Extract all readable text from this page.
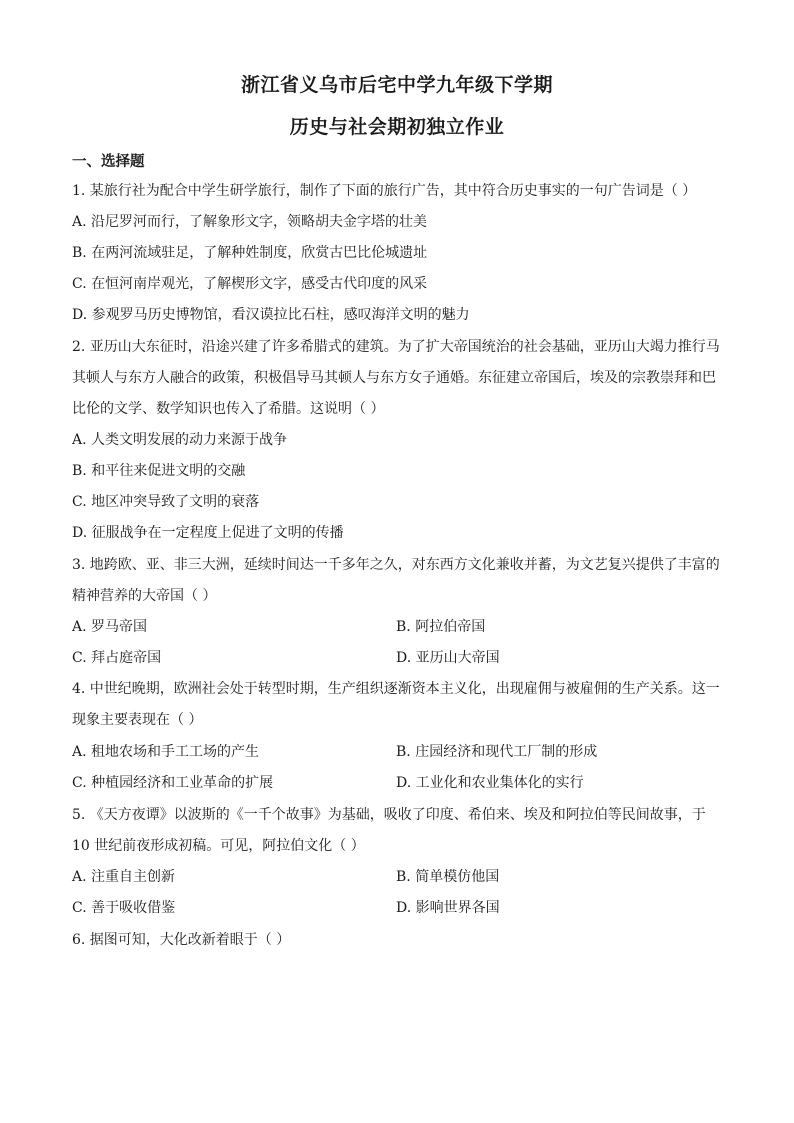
浙江省义乌市后宅中学九年级下学期
历史与社会期初独立作业
一、选择题
1. 某旅行社为配合中学生研学旅行，制作了下面的旅行广告，其中符合历史事实的一句广告词是（ ）
A. 沿尼罗河而行，了解象形文字，领略胡夫金字塔的壮美
B. 在两河流域驻足，了解种姓制度，欣赏古巴比伦城遗址
C. 在恒河南岸观光，了解楔形文字，感受古代印度的风采
D. 参观罗马历史博物馆，看汉谟拉比石柱，感叹海洋文明的魅力
2. 亚历山大东征时，沿途兴建了许多希腊式的建筑。为了扩大帝国统治的社会基础，亚历山大竭力推行马
其顿人与东方人融合的政策，积极倡导马其顿人与东方女子通婚。东征建立帝国后，埃及的宗教崇拜和巴
比伦的文学、数学知识也传入了希腊。这说明（ ）
A. 人类文明发展的动力来源于战争
B. 和平往来促进文明的交融
C. 地区冲突导致了文明的衰落
D. 征服战争在一定程度上促进了文明的传播
3. 地跨欧、亚、非三大洲，延续时间达一千多年之久，对东西方文化兼收并蓄，为文艺复兴提供了丰富的
精神营养的大帝国（ ）
A. 罗马帝国	B. 阿拉伯帝国
C. 拜占庭帝国	D. 亚历山大帝国
4. 中世纪晚期，欧洲社会处于转型时期，生产组织逐渐资本主义化，出现雇佣与被雇佣的生产关系。这一
现象主要表现在（ ）
A. 租地农场和手工工场的产生	B. 庄园经济和现代工厂制的形成
C. 种植园经济和工业革命的扩展	D. 工业化和农业集体化的实行
5. 《天方夜谭》以波斯的《一千个故事》为基础，吸收了印度、希伯来、埃及和阿拉伯等民间故事，于
10 世纪前夜形成初稿。可见，阿拉伯文化（ ）
A. 注重自主创新	B. 简单模仿他国
C. 善于吸收借鉴	D. 影响世界各国
6. 据图可知，大化改新着眼于（ ）
